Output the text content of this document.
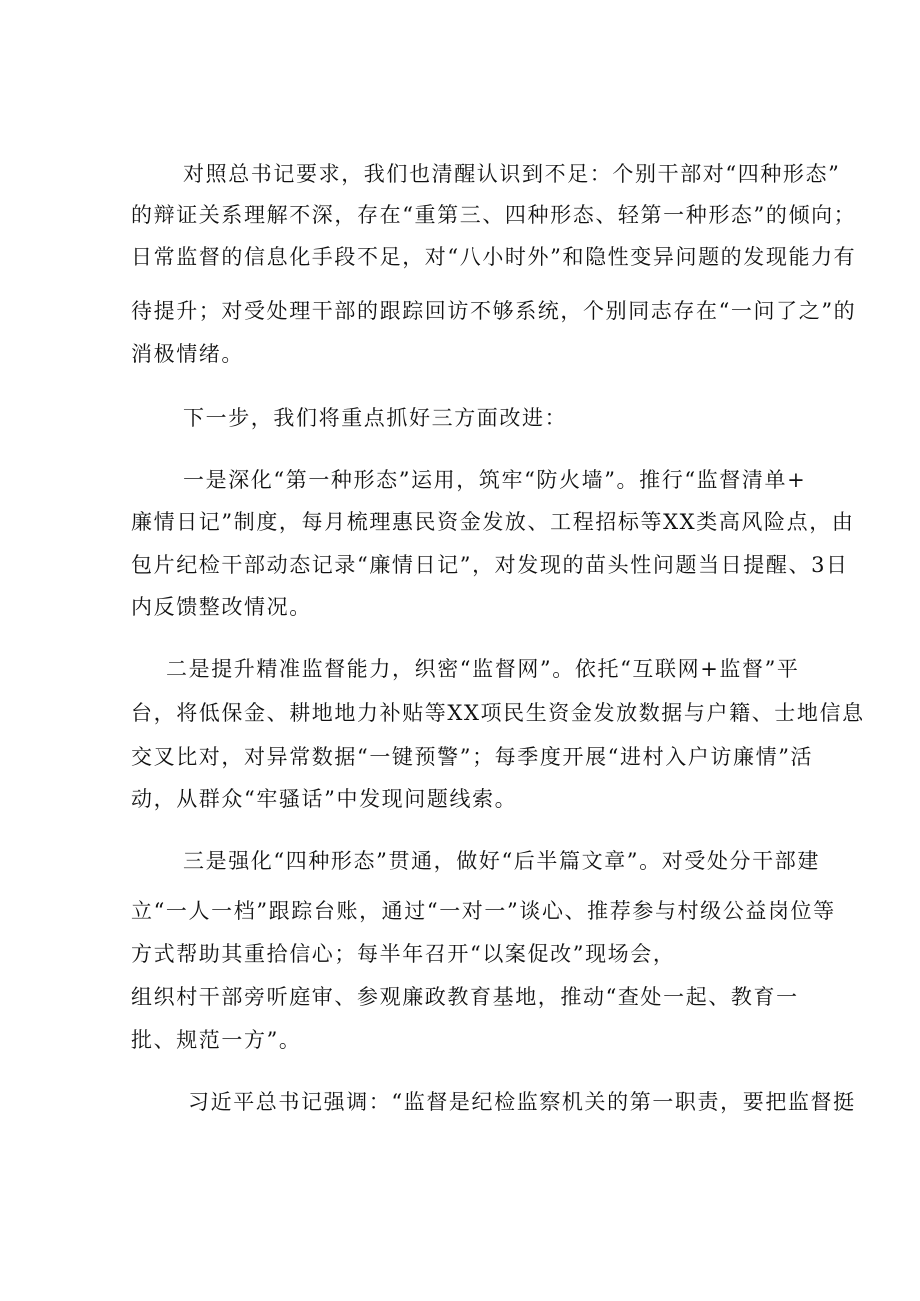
对照总书记要求，我们也清醒认识到不足：个别干部对“四种形态”
的辩证关系理解不深，存在“重第三、四种形态、轻第一种形态”的倾向；
日常监督的信息化手段不足，对“八小时外”和隐性变异问题的发现能力有
待提升；对受处理干部的跟踪回访不够系统，个别同志存在“一问了之”的
消极情绪。
下一步，我们将重点抓好三方面改进：
一是深化“第一种形态”运用，筑牢“防火墙”。推行“监督清单+
廉情日记”制度，每月梳理惠民资金发放、工程招标等XX类高风险点，由
包片纪检干部动态记录“廉情日记”，对发现的苗头性问题当日提醒、3日
内反馈整改情况。
二是提升精准监督能力，织密“监督网”。依托“互联网+监督”平
台，将低保金、耕地地力补贴等XX项民生资金发放数据与户籍、士地信息
交叉比对，对异常数据“一键预警”；每季度开展“进村入户访廉情”活
动，从群众“牢骚话”中发现问题线索。
三是强化“四种形态”贯通，做好“后半篇文章”。对受处分干部建
立“一人一档”跟踪台账，通过“一对一”谈心、推荐参与村级公益岗位等
方式帮助其重拾信心；每半年召开“以案促改”现场会，
组织村干部旁听庭审、参观廉政教育基地，推动“查处一起、教育一
批、规范一方”。
习近平总书记强调：“监督是纪检监察机关的第一职责，要把监督挺
